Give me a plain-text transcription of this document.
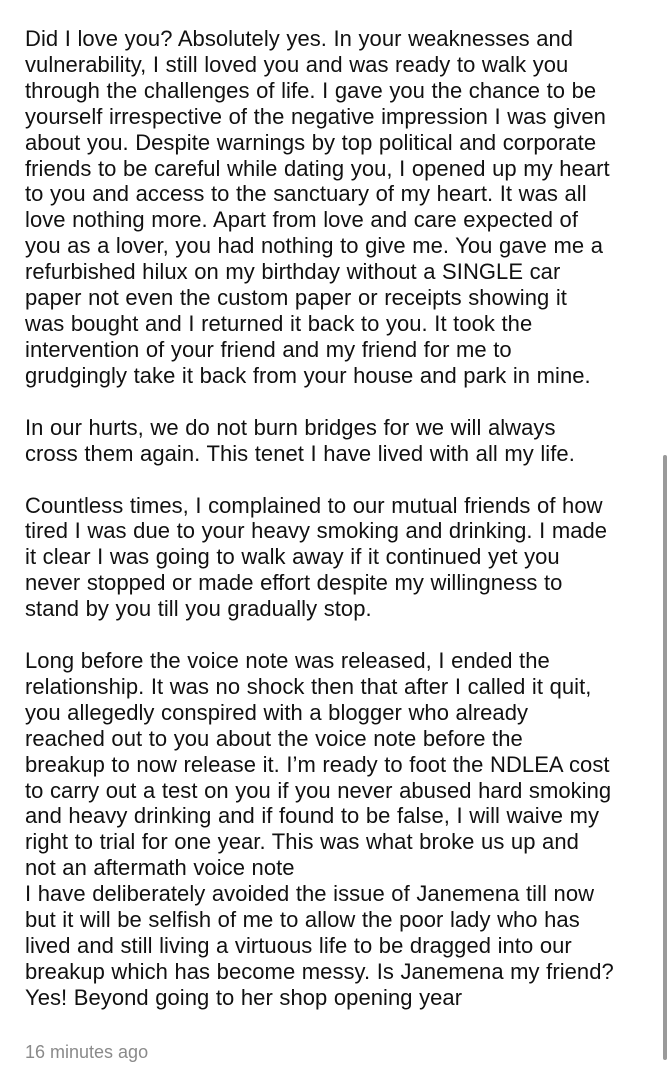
Did I love you? Absolutely yes. In your weaknesses and
vulnerability, I still loved you and was ready to walk you
through the challenges of life. I gave you the chance to be
yourself irrespective of the negative impression I was given
about you. Despite warnings by top political and corporate
friends to be careful while dating you, I opened up my heart
to you and access to the sanctuary of my heart. It was all
love nothing more. Apart from love and care expected of
you as a lover, you had nothing to give me. You gave me a
refurbished hilux on my birthday without a SINGLE car
paper not even the custom paper or receipts showing it
was bought and I returned it back to you. It took the
intervention of your friend and my friend for me to
grudgingly take it back from your house and park in mine.

In our hurts, we do not burn bridges for we will always
cross them again. This tenet I have lived with all my life.

Countless times, I complained to our mutual friends of how
tired I was due to your heavy smoking and drinking. I made
it clear I was going to walk away if it continued yet you
never stopped or made effort despite my willingness to
stand by you till you gradually stop.

Long before the voice note was released, I ended the
relationship. It was no shock then that after I called it quit,
you allegedly conspired with a blogger who already
reached out to you about the voice note before the
breakup to now release it. I’m ready to foot the NDLEA cost
to carry out a test on you if you never abused hard smoking
and heavy drinking and if found to be false, I will waive my
right to trial for one year. This was what broke us up and
not an aftermath voice note
I have deliberately avoided the issue of Janemena till now
but it will be selfish of me to allow the poor lady who has
lived and still living a virtuous life to be dragged into our
breakup which has become messy. Is Janemena my friend?
Yes! Beyond going to her shop opening year

16 minutes ago
